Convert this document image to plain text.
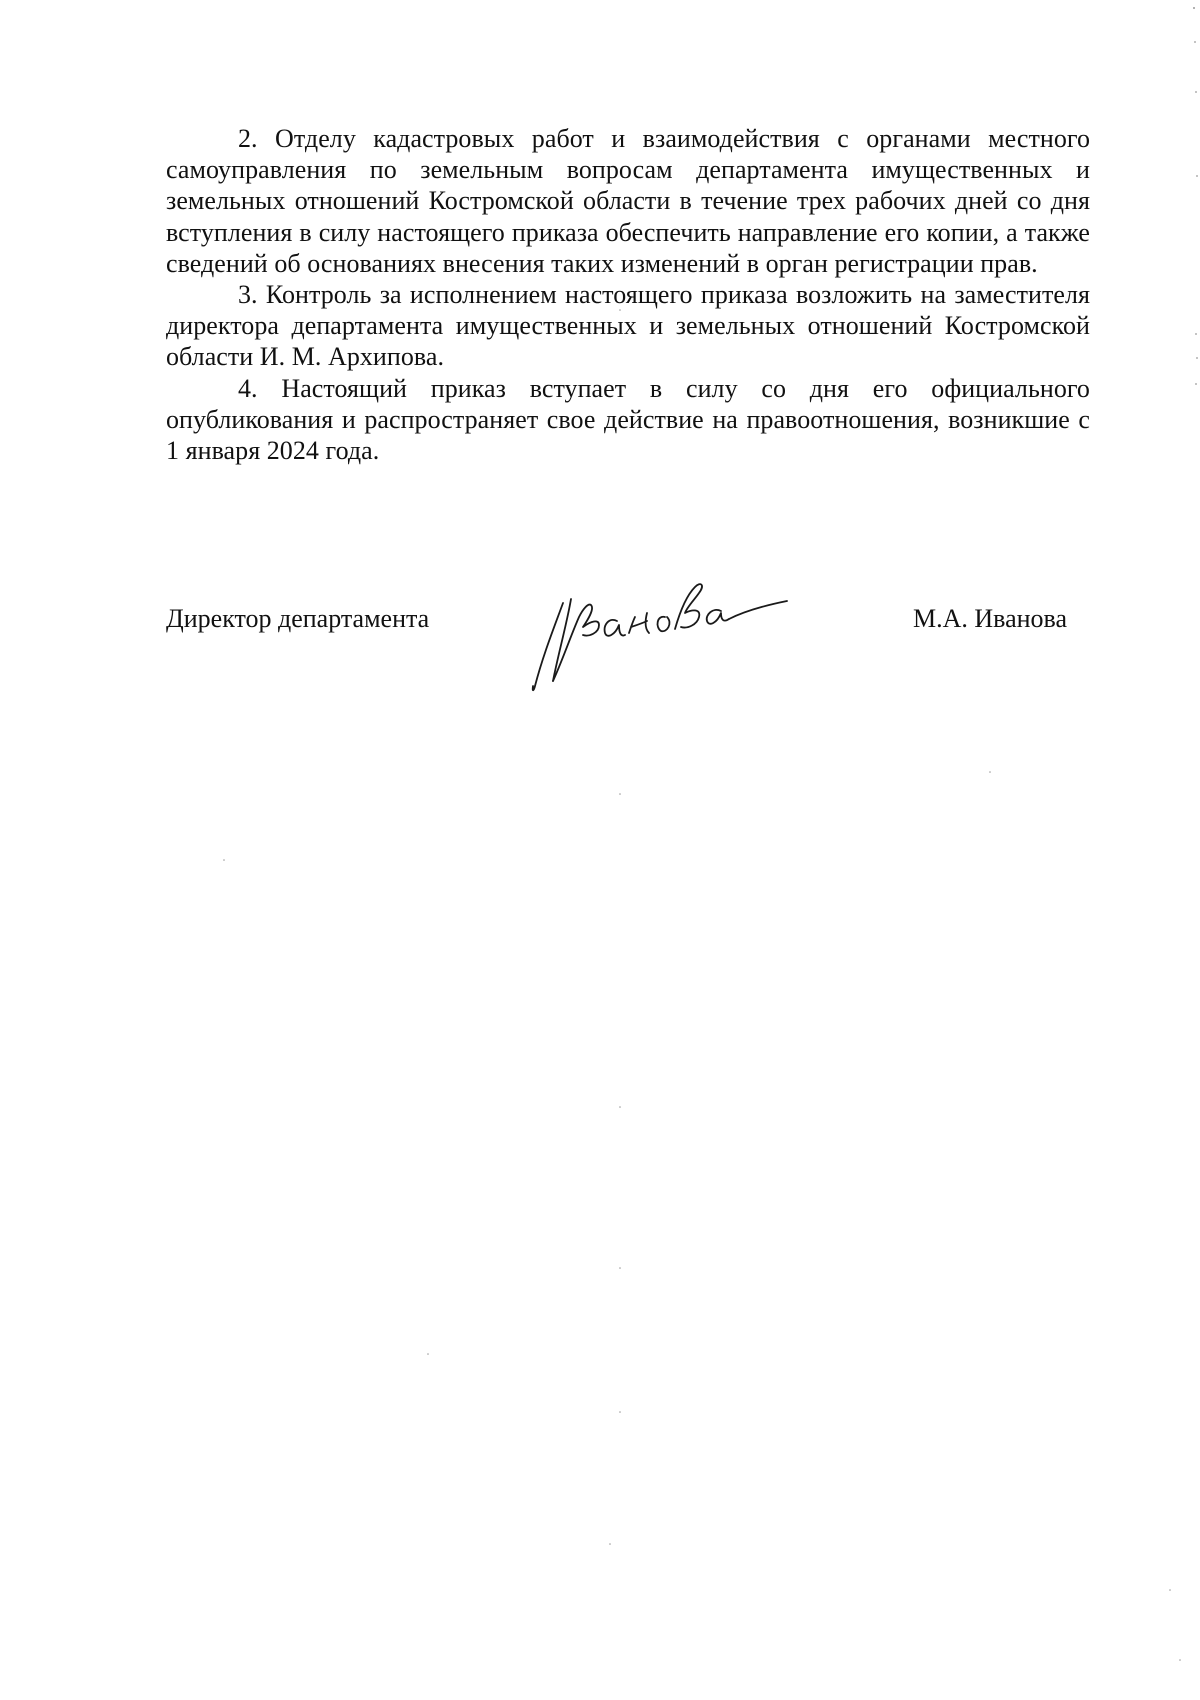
2. Отделу кадастровых работ и взаимодействия с органами местного самоуправления по земельным вопросам департамента имущественных и земельных отношений Костромской области в течение трех рабочих дней со дня вступления в силу настоящего приказа обеспечить направление его копии, а также сведений об основаниях внесения таких изменений в орган регистрации прав.

3. Контроль за исполнением настоящего приказа возложить на заместителя директора департамента имущественных и земельных отношений Костромской области И. М. Архипова.

4. Настоящий приказ вступает в силу со дня его официального опубликования и распространяет свое действие на правоотношения, возникшие с 1 января 2024 года.

Директор департамента	М.А. Иванова
